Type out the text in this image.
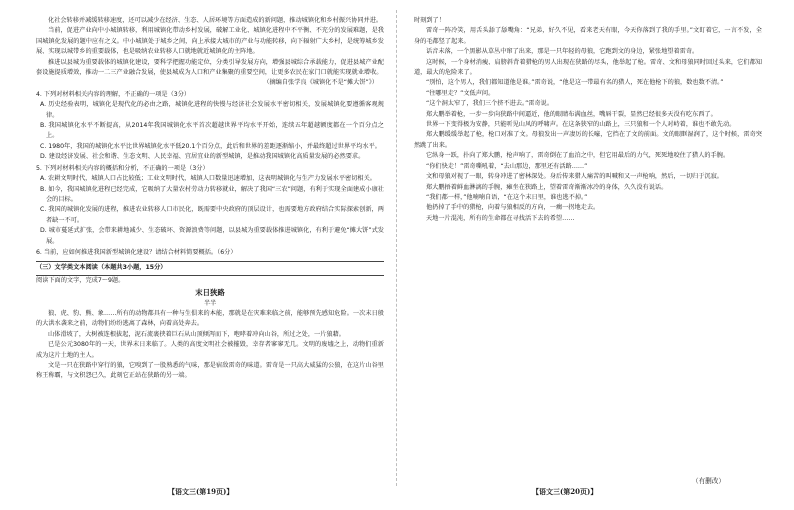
化社会转移并减缓转移速度，还可以减少在经济、生态、人居环境等方面造成的新问题，推动城镇化和乡村振兴协同并进。

当前，促进产业向中小城镇转移，利用城镇化带动乡村发展，破解工业化、城镇化进程中不平衡、不充分的发展难题，是我国城镇化发展的题中应有之义。中小城镇处于城乡之间，向上承接大城市的产业与功能转移，向下辐射广大乡村，是统筹城乡发展、实现以城带乡的重要载体，也是吸纳农业转移人口就地就近城镇化的主阵地。

推进以县城为重要载体的城镇化建设，要科学把握功能定位，分类引导发展方向，增强县城综合承载能力，促进县城产业配套设施提质增效，推动一二三产业融合发展，使县城成为人口和产业集聚的重要空间，让更多农民在家门口就能实现就业增收。

（摘编自张学良《城镇化不是“摊大饼”》）

4. 下列对材料相关内容的理解，不正确的一项是（3分）

A. 历史经验表明，城镇化是现代化的必由之路，城镇化进程的快慢与经济社会发展水平密切相关，发展城镇化要遵循客观规律。

B. 我国城镇化水平不断提高，从2014年我国城镇化水平首次超越世界平均水平开始，连续五年超越额度都在一个百分点之上。

C. 1980年，我国的城镇化水平比世界城镇化水平低20.1个百分点，此后和世界的差距逐渐缩小，并最终超过世界平均水平。

D. 建设经济发展、社会和谐、生态文明、人民幸福、宜居宜业的新型城镇，是推动我国城镇化高质量发展的必然要求。

5. 下列对材料相关内容的概括和分析，不正确的一项是（3分）

A. 农耕文明时代，城镇人口占比较低；工业文明时代，城镇人口数量迅速增加，这表明城镇化与生产力发展水平密切相关。

B. 如今，我国城镇化进程已经完成，它吸纳了大量农村劳动力转移就业，解决了我国“三农”问题，有利于实现全面建成小康社会的目标。

C. 我国的城镇化发展的进程，推进农业转移人口市民化，既需要中央政府的顶层设计，也需要地方政府结合实际探索创新，两者缺一不可。

D. 城市蔓延式扩张，会带来耕地减少、生态破坏、资源浪费等问题，以县城为重要载体推进城镇化，有利于避免“摊大饼”式发展。

6. 当前，应如何推进我国新型城镇化建设？请结合材料简要概括。（6分）

（三）文学类文本阅读（本题共3小题，15分）

阅读下面的文字，完成7～9题。

末日狭路

半半

狼、虎、豹、熊、象……所有的动物都具有一种与生俱来的本能，那就是在灾难来临之前，能够预先感知危险。一次末日般的大洪水袭来之前，动物们纷纷逃离了森林，向着高处奔去。

山体滑坡了，大树被连根拔起，泥石流裹挟着巨石从山顶倾泻而下，咆哮着冲向山谷，所过之处，一片狼藉。

已是公元3080年的一天，世界末日来临了。人类的高度文明社会被摧毁，幸存者寥寥无几。文明的废墟之上，动物们重新成为这片土地的主人。

文是一只在狭路中穿行的狼，它嗅到了一股熟悉的气味，那是宿敌雷奇的味道。雷奇是一只高大威猛的公狼，在这片山谷里称王称霸，与文积怨已久，此刻它正站在狭路的另一端。

时刻到了！

雷奇一阵冷笑，用舌头舔了舔嘴角：“兄弟，好久不见，看来老天有眼，今天你落到了我的手里。”文盯着它，一言不发，全身的毛都竖了起来。

话音未落，一个黑影从草丛中窜了出来，那是一只年轻的母狼，它跑到文的身边，紧张地望着雷奇。

这时候，一个身材消瘦、肩膀斜背着猎枪的男人出现在狭路的尽头，他举起了枪。雷奇、文和母狼同时回过头来，它们都知道，最大的危险来了。

“别怕，这个男人，我们都知道他是谁。”雷奇说，“他是这一带最有名的猎人，死在他枪下的狼，数也数不清。”

“往哪里走？”文低声问。

“这个洞太窄了，我们三个挤不进去。”雷奇说。

郑大鹏举着枪，一步一步向狭路中间逼近，他的眼睛布满血丝，嘴唇干裂，显然已经很多天没有吃东西了。

世界一下变得极为安静，只能听见山风的呼啸声。在这条狭窄的山路上，三只狼和一个人对峙着，谁也不敢先动。

郑大鹏缓缓举起了枪，枪口对准了文。母狼发出一声凄厉的长嚎，它挡在了文的前面。文的眼眶湿润了，这个时候，雷奇突然跳了出来。

它纵身一跃，扑向了郑大鹏，枪声响了，雷奇倒在了血泊之中，但它用最后的力气，死死地咬住了猎人的手腕。

“你们快走！”雷奇嘶吼着，“去山那边，那里还有活路……”

文和母狼对视了一眼，转身冲进了密林深处。身后传来猎人痛苦的叫喊和又一声枪响，然后，一切归于沉寂。

郑大鹏捂着鲜血淋漓的手腕，瘫坐在狭路上，望着雷奇渐渐冰冷的身体，久久没有说话。

“我们都一样，”他喃喃自语，“在这个末日里，谁也逃不掉。”

他扔掉了手中的猎枪，向着与狼相反的方向，一瘸一拐地走去。

天地一片混沌，所有的生命都在寻找活下去的希望……

（有删改）
【语文三(第19页)】	【语文三(第20页)】
